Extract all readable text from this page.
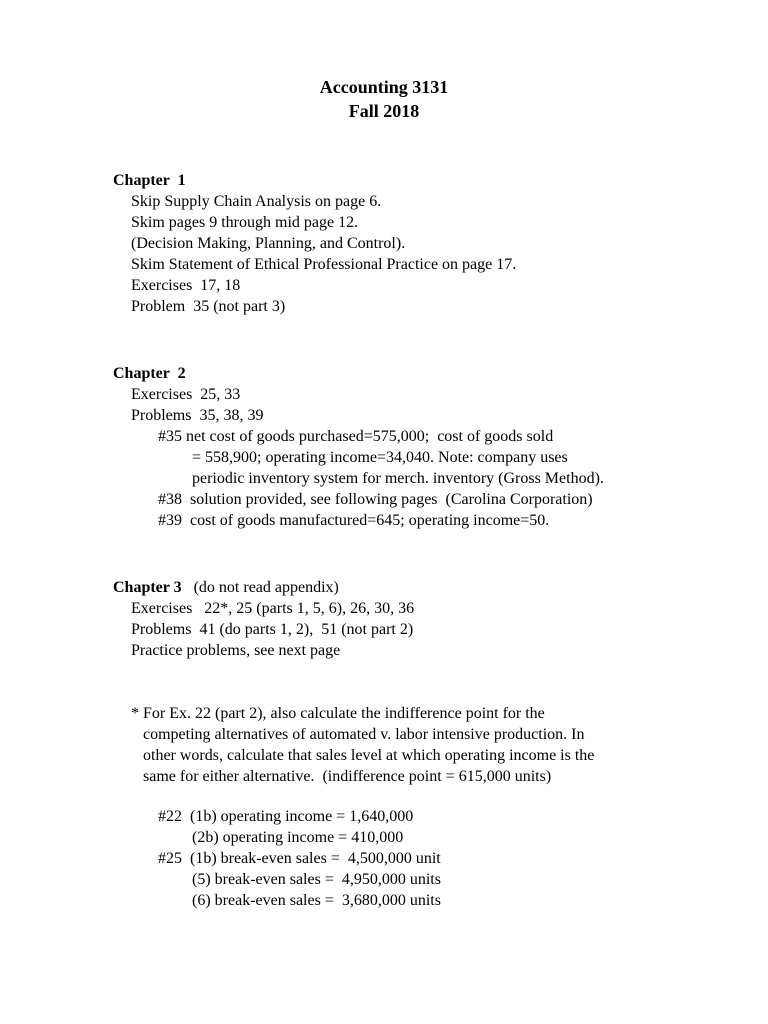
Accounting 3131
Fall 2018
Chapter  1
Skip Supply Chain Analysis on page 6.
Skim pages 9 through mid page 12.
(Decision Making, Planning, and Control).
Skim Statement of Ethical Professional Practice on page 17.
Exercises  17, 18
Problem  35 (not part 3)
Chapter  2
Exercises  25, 33
Problems  35, 38, 39
#35 net cost of goods purchased=575,000;  cost of goods sold
= 558,900; operating income=34,040. Note: company uses
periodic inventory system for merch. inventory (Gross Method).
#38  solution provided, see following pages  (Carolina Corporation)
#39  cost of goods manufactured=645; operating income=50.
Chapter 3   (do not read appendix)
Exercises   22*, 25 (parts 1, 5, 6), 26, 30, 36
Problems  41 (do parts 1, 2),  51 (not part 2)
Practice problems, see next page
* For Ex. 22 (part 2), also calculate the indifference point for the
competing alternatives of automated v. labor intensive production. In
other words, calculate that sales level at which operating income is the
same for either alternative.  (indifference point = 615,000 units)
#22  (1b) operating income = 1,640,000
(2b) operating income = 410,000
#25  (1b) break-even sales =  4,500,000 unit
(5) break-even sales =  4,950,000 units
(6) break-even sales =  3,680,000 units
